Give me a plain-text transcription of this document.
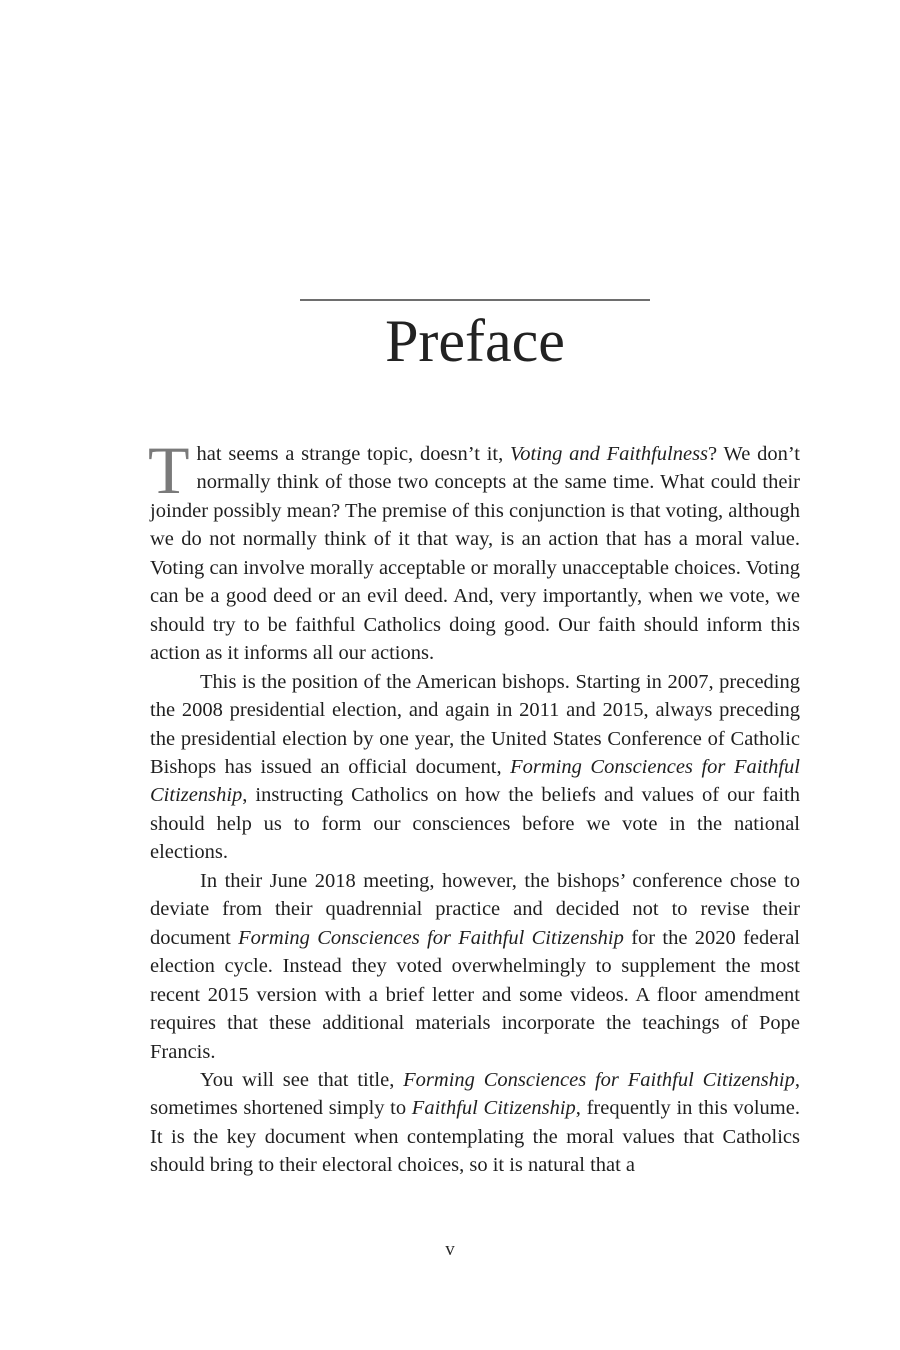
Preface

That seems a strange topic, doesn’t it, Voting and Faithfulness? We don’t normally think of those two concepts at the same time. What could their joinder possibly mean? The premise of this conjunction is that voting, although we do not normally think of it that way, is an action that has a moral value. Voting can involve morally acceptable or morally unacceptable choices. Voting can be a good deed or an evil deed. And, very importantly, when we vote, we should try to be faithful Catholics doing good. Our faith should inform this action as it informs all our actions.

This is the position of the American bishops. Starting in 2007, preceding the 2008 presidential election, and again in 2011 and 2015, always preceding the presidential election by one year, the United States Conference of Catholic Bishops has issued an official document, Forming Consciences for Faithful Citizenship, instructing Catholics on how the beliefs and values of our faith should help us to form our consciences before we vote in the national elections.

In their June 2018 meeting, however, the bishops’ conference chose to deviate from their quadrennial practice and decided not to revise their document Forming Consciences for Faithful Citizenship for the 2020 federal election cycle. Instead they voted overwhelmingly to supplement the most recent 2015 version with a brief letter and some videos. A floor amendment requires that these additional materials incorporate the teachings of Pope Francis.

You will see that title, Forming Consciences for Faithful Citizenship, sometimes shortened simply to Faithful Citizenship, frequently in this volume. It is the key document when contemplating the moral values that Catholics should bring to their electoral choices, so it is natural that a

v
